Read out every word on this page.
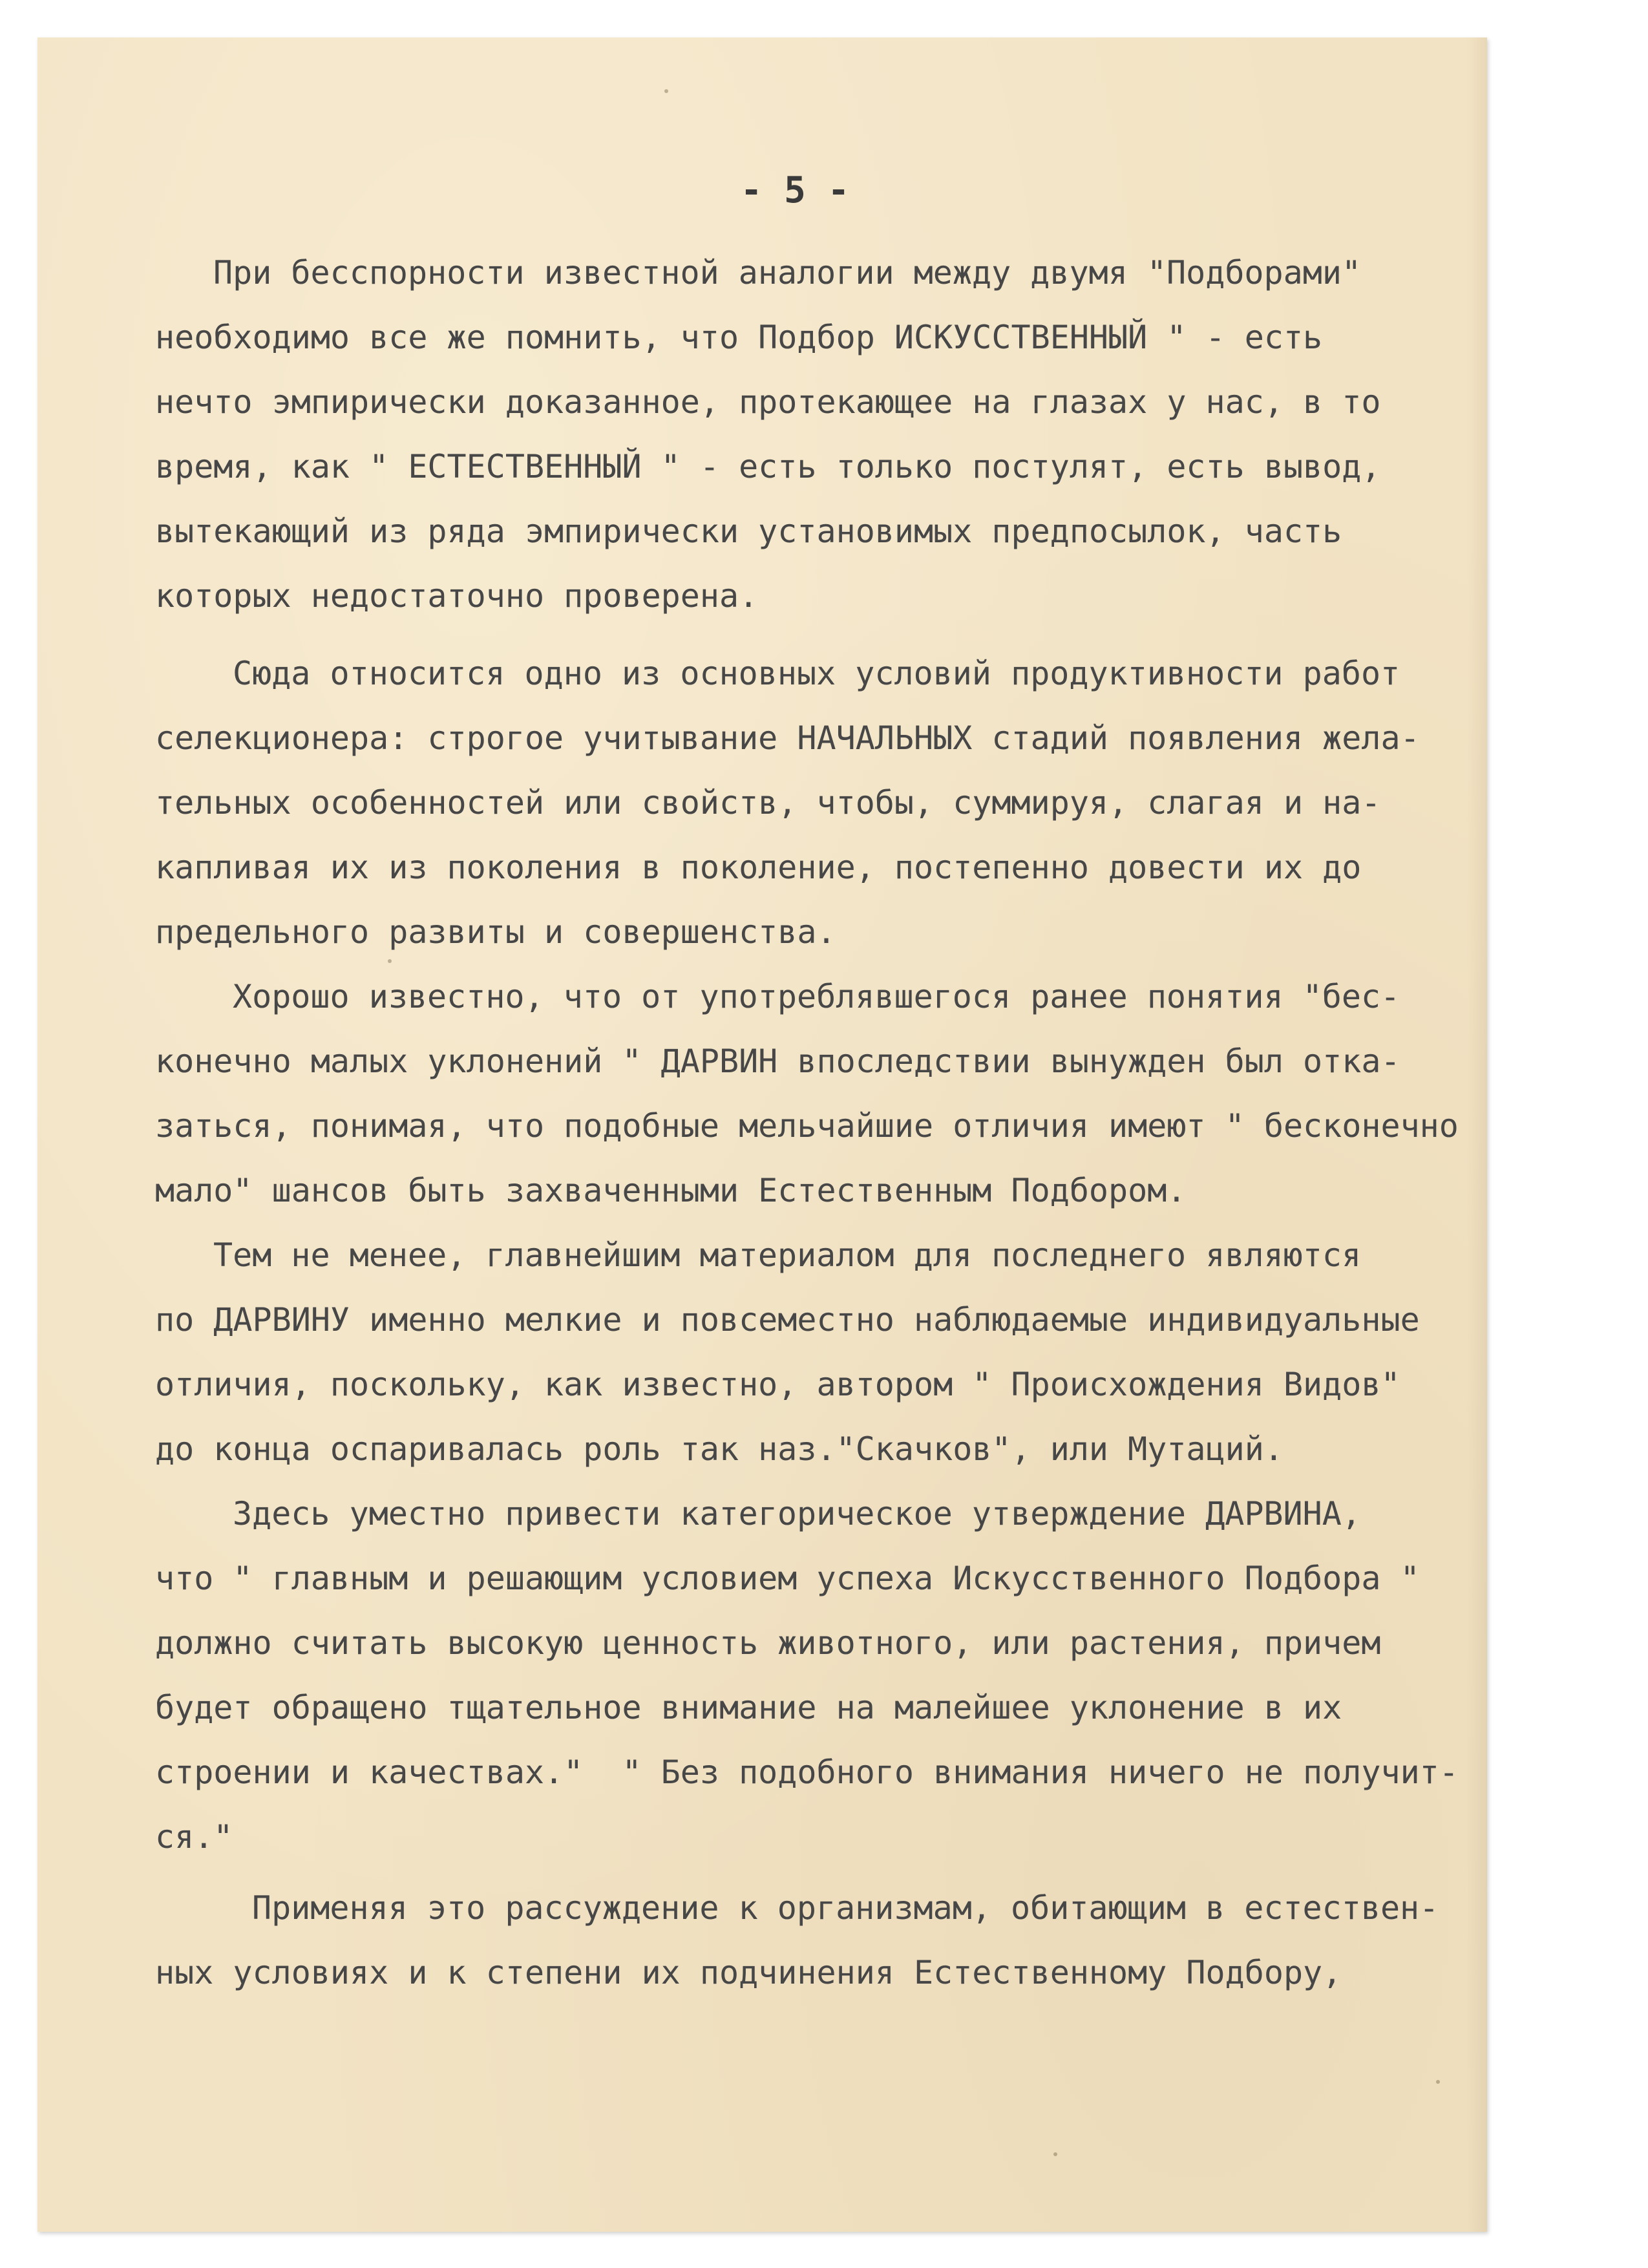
- 5 -

При бесспорности известной аналогии между двумя "Подборами"

необходимо все же помнить, что Подбор ИСКУССТВЕННЫЙ " - есть

нечто эмпирически доказанное, протекающее на глазах у нас, в то

время, как " ЕСТЕСТВЕННЫЙ " - есть только постулят, есть вывод,

вытекающий из ряда эмпирически установимых предпосылок, часть

которых недостаточно проверена.

Сюда относится одно из основных условий продуктивности работ

селекционера: строгое учитывание НАЧАЛЬНЫХ стадий появления жела-

тельных особенностей или свойств, чтобы, суммируя, слагая и на-

капливая их из поколения в поколение, постепенно довести их до

предельного развиты и совершенства.

Хорошо известно, что от употреблявшегося ранее понятия "бес-

конечно малых уклонений " ДАРВИН впоследствии вынужден был отка-

заться, понимая, что подобные мельчайшие отличия имеют " бесконечно

мало" шансов быть захваченными Естественным Подбором.

Тем не менее, главнейшим материалом для последнего являются

по ДАРВИНУ именно мелкие и повсеместно наблюдаемые индивидуальные

отличия, поскольку, как известно, автором " Происхождения Видов"

до конца оспаривалась роль так наз."Скачков", или Мутаций.

Здесь уместно привести категорическое утверждение ДАРВИНА,

что " главным и решающим условием успеха Искусственного Подбора "

должно считать высокую ценность животного, или растения, причем

будет обращено тщательное внимание на малейшее уклонение в их

строении и качествах."  " Без подобного внимания ничего не получит-

ся."

Применяя это рассуждение к организмам, обитающим в естествен-

ных условиях и к степени их подчинения Естественному Подбору,
